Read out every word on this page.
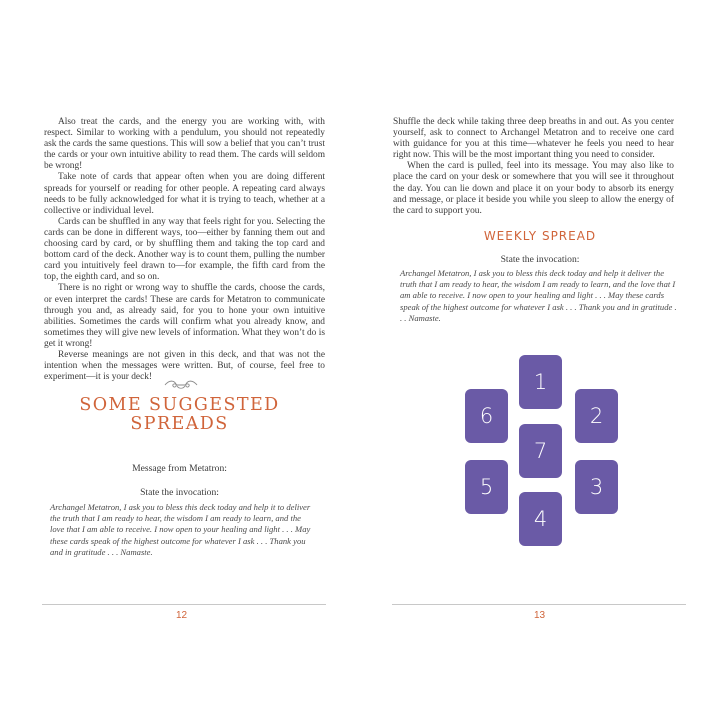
Also treat the cards, and the energy you are working with, with respect. Similar to working with a pendulum, you should not repeatedly ask the cards the same questions. This will sow a belief that you can’t trust the cards or your own intuitive ability to read them. The cards will seldom be wrong!

Take note of cards that appear often when you are doing different spreads for yourself or reading for other people. A repeating card always needs to be fully acknowledged for what it is trying to teach, whether at a collective or individual level.

Cards can be shuffled in any way that feels right for you. Selecting the cards can be done in different ways, too—either by fanning them out and choosing card by card, or by shuffling them and taking the top card and bottom card of the deck. Another way is to count them, pulling the number card you intuitively feel drawn to—for example, the fifth card from the top, the eighth card, and so on.

There is no right or wrong way to shuffle the cards, choose the cards, or even interpret the cards! These are cards for Metatron to communicate through you and, as already said, for you to hone your own intuitive abilities. Sometimes the cards will confirm what you already know, and sometimes they will give new levels of information. What they won’t do is get it wrong!

Reverse meanings are not given in this deck, and that was not the intention when the messages were written. But, of course, feel free to experiment—it is your deck!

SOME SUGGESTED
SPREADS
Message from Metatron:
State the invocation:

Archangel Metatron, I ask you to bless this deck today and help it to deliver the truth that I am ready to hear, the wisdom I am ready to learn, and the love that I am able to receive. I now open to your healing and light . . . May these cards speak of the highest outcome for whatever I ask . . . Thank you and in gratitude . . . Namaste.

12

Shuffle the deck while taking three deep breaths in and out. As you center yourself, ask to connect to Archangel Metatron and to receive one card with guidance for you at this time—whatever he feels you need to hear right now. This will be the most important thing you need to consider.

When the card is pulled, feel into its message. You may also like to place the card on your desk or somewhere that you will see it throughout the day. You can lie down and place it on your body to absorb its energy and message, or place it beside you while you sleep to allow the energy of the card to support you.

WEEKLY SPREAD
State the invocation:

Archangel Metatron, I ask you to bless this deck today and help it deliver the truth that I am ready to hear, the wisdom I am ready to learn, and the love that I am able to receive. I now open to your healing and light . . . May these cards speak of the highest outcome for whatever I ask . . . Thank you and in gratitude . . . Namaste.

1
2
3
4
5
6
7
13
